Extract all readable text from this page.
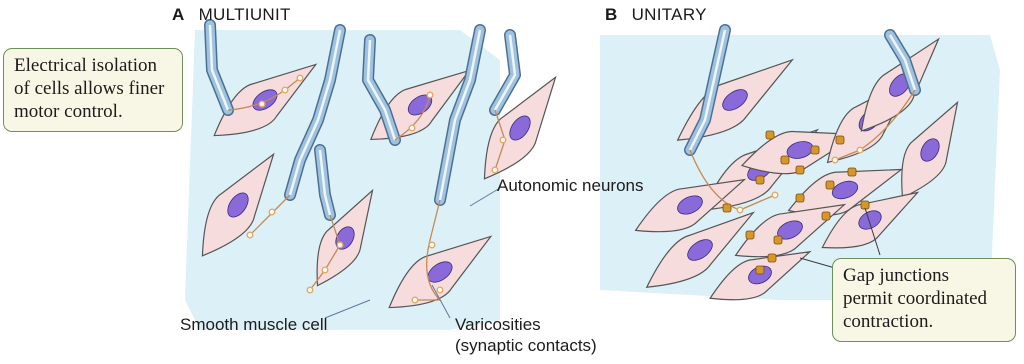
A MULTIUNIT	B UNITARY
Electrical isolation
of cells allows finer
motor control.
Gap junctions
permit coordinated
contraction.
Autonomic neurons
Smooth muscle cell	Varicosities
(synaptic contacts)
